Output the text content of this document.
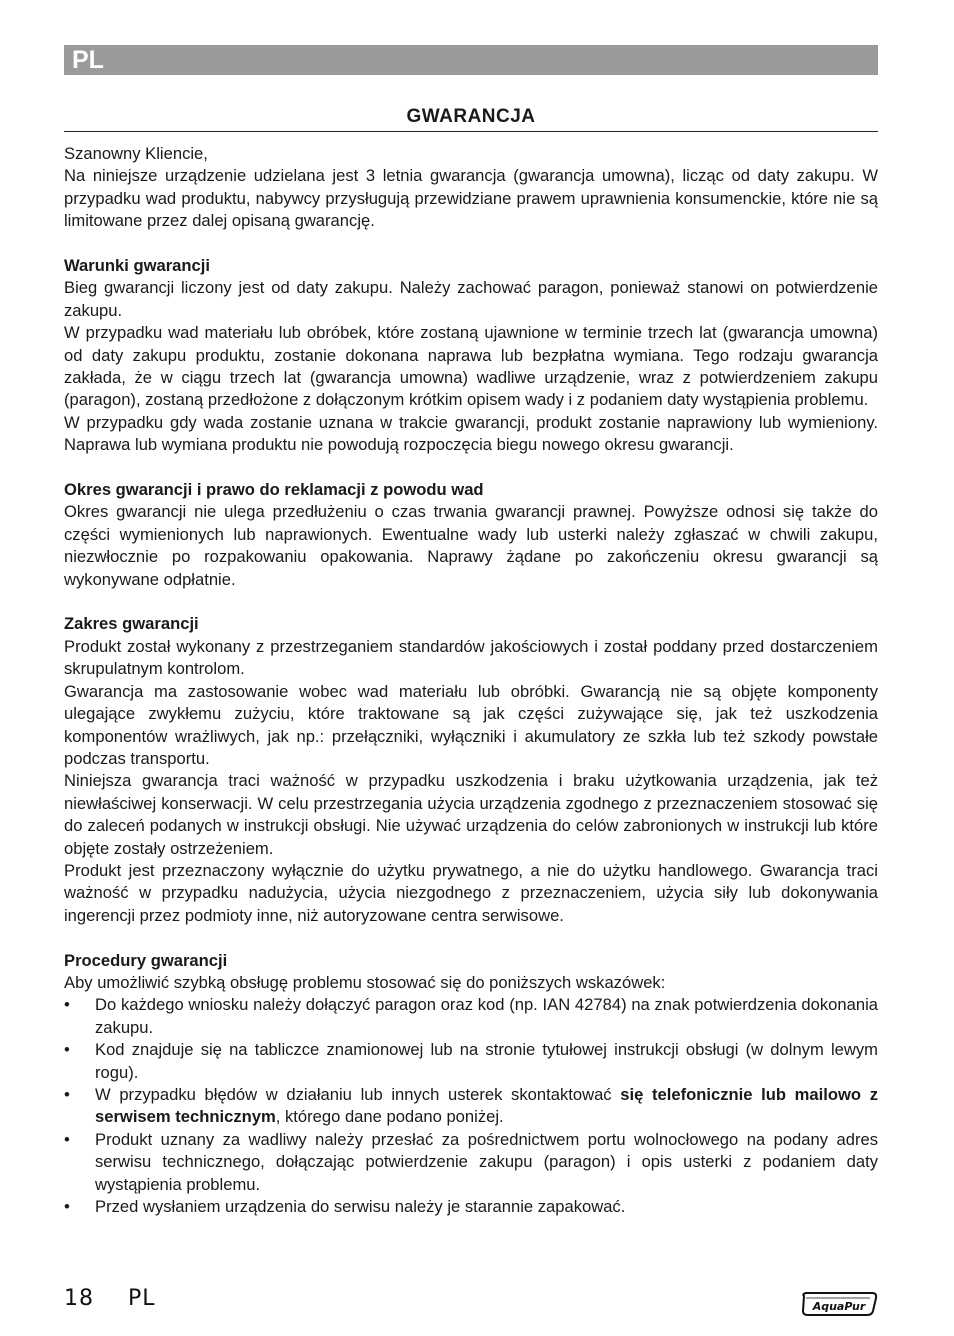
PL
GWARANCJA

Szanowny Kliencie,

Na niniejsze urządzenie udzielana jest 3 letnia gwarancja (gwarancja umowna), licząc od daty zakupu. W przypadku wad produktu, nabywcy przysługują przewidziane prawem uprawnienia konsumenckie, które nie są limitowane przez dalej opisaną gwarancję.

Warunki gwarancji

Bieg gwarancji liczony jest od daty zakupu. Należy zachować paragon, ponieważ stanowi on potwierdzenie zakupu.

W przypadku wad materiału lub obróbek, które zostaną ujawnione w terminie trzech lat (gwarancja umowna) od daty zakupu produktu, zostanie dokonana naprawa lub bezpłatna wymiana. Tego rodzaju gwarancja zakłada, że w ciągu trzech lat (gwarancja umowna) wadliwe urządzenie, wraz z potwierdzeniem zakupu (paragon), zostaną przedłożone z dołączonym krótkim opisem wady i z podaniem daty wystąpienia problemu.

W przypadku gdy wada zostanie uznana w trakcie gwarancji, produkt zostanie naprawiony lub wymieniony. Naprawa lub wymiana produktu nie powodują rozpoczęcia biegu nowego okresu gwarancji.

Okres gwarancji i prawo do reklamacji z powodu wad

Okres gwarancji nie ulega przedłużeniu o czas trwania gwarancji prawnej. Powyższe odnosi się także do części wymienionych lub naprawionych. Ewentualne wady lub usterki należy zgłaszać w chwili zakupu, niezwłocznie po rozpakowaniu opakowania. Naprawy żądane po zakończeniu okresu gwarancji są wykonywane odpłatnie.

Zakres gwarancji

Produkt został wykonany z przestrzeganiem standardów jakościowych i został poddany przed dostarczeniem skrupulatnym kontrolom.

Gwarancja ma zastosowanie wobec wad materiału lub obróbki. Gwarancją nie są objęte komponenty ulegające zwykłemu zużyciu, które traktowane są jak części zużywające się, jak też uszkodzenia komponentów wrażliwych, jak np.: przełączniki, wyłączniki i akumulatory ze szkła lub też szkody powstałe podczas transportu.

Niniejsza gwarancja traci ważność w przypadku uszkodzenia i braku użytkowania urządzenia, jak też niewłaściwej konserwacji. W celu przestrzegania użycia urządzenia zgodnego z przeznaczeniem stosować się do zaleceń podanych w instrukcji obsługi. Nie używać urządzenia do celów zabronionych w instrukcji lub które objęte zostały ostrzeżeniem.

Produkt jest przeznaczony wyłącznie do użytku prywatnego, a nie do użytku handlowego. Gwarancja traci ważność w przypadku nadużycia, użycia niezgodnego z przeznaczeniem, użycia siły lub dokonywania ingerencji przez podmioty inne, niż autoryzowane centra serwisowe.

Procedury gwarancji

Aby umożliwić szybką obsługę problemu stosować się do poniższych wskazówek:

• Do każdego wniosku należy dołączyć paragon oraz kod (np. IAN 42784) na znak potwierdzenia dokonania zakupu.
• Kod znajduje się na tabliczce znamionowej lub na stronie tytułowej instrukcji obsługi (w dolnym lewym rogu).
• W przypadku błędów w działaniu lub innych usterek skontaktować się telefonicznie lub mailowo z serwisem technicznym, którego dane podano poniżej.
• Produkt uznany za wadliwy należy przesłać za pośrednictwem portu wolnocłowego na podany adres serwisu technicznego, dołączając potwierdzenie zakupu (paragon) i opis usterki z podaniem daty wystąpienia problemu.
• Przed wysłaniem urządzenia do serwisu należy je starannie zapakować.
18 PL	AquaPur
